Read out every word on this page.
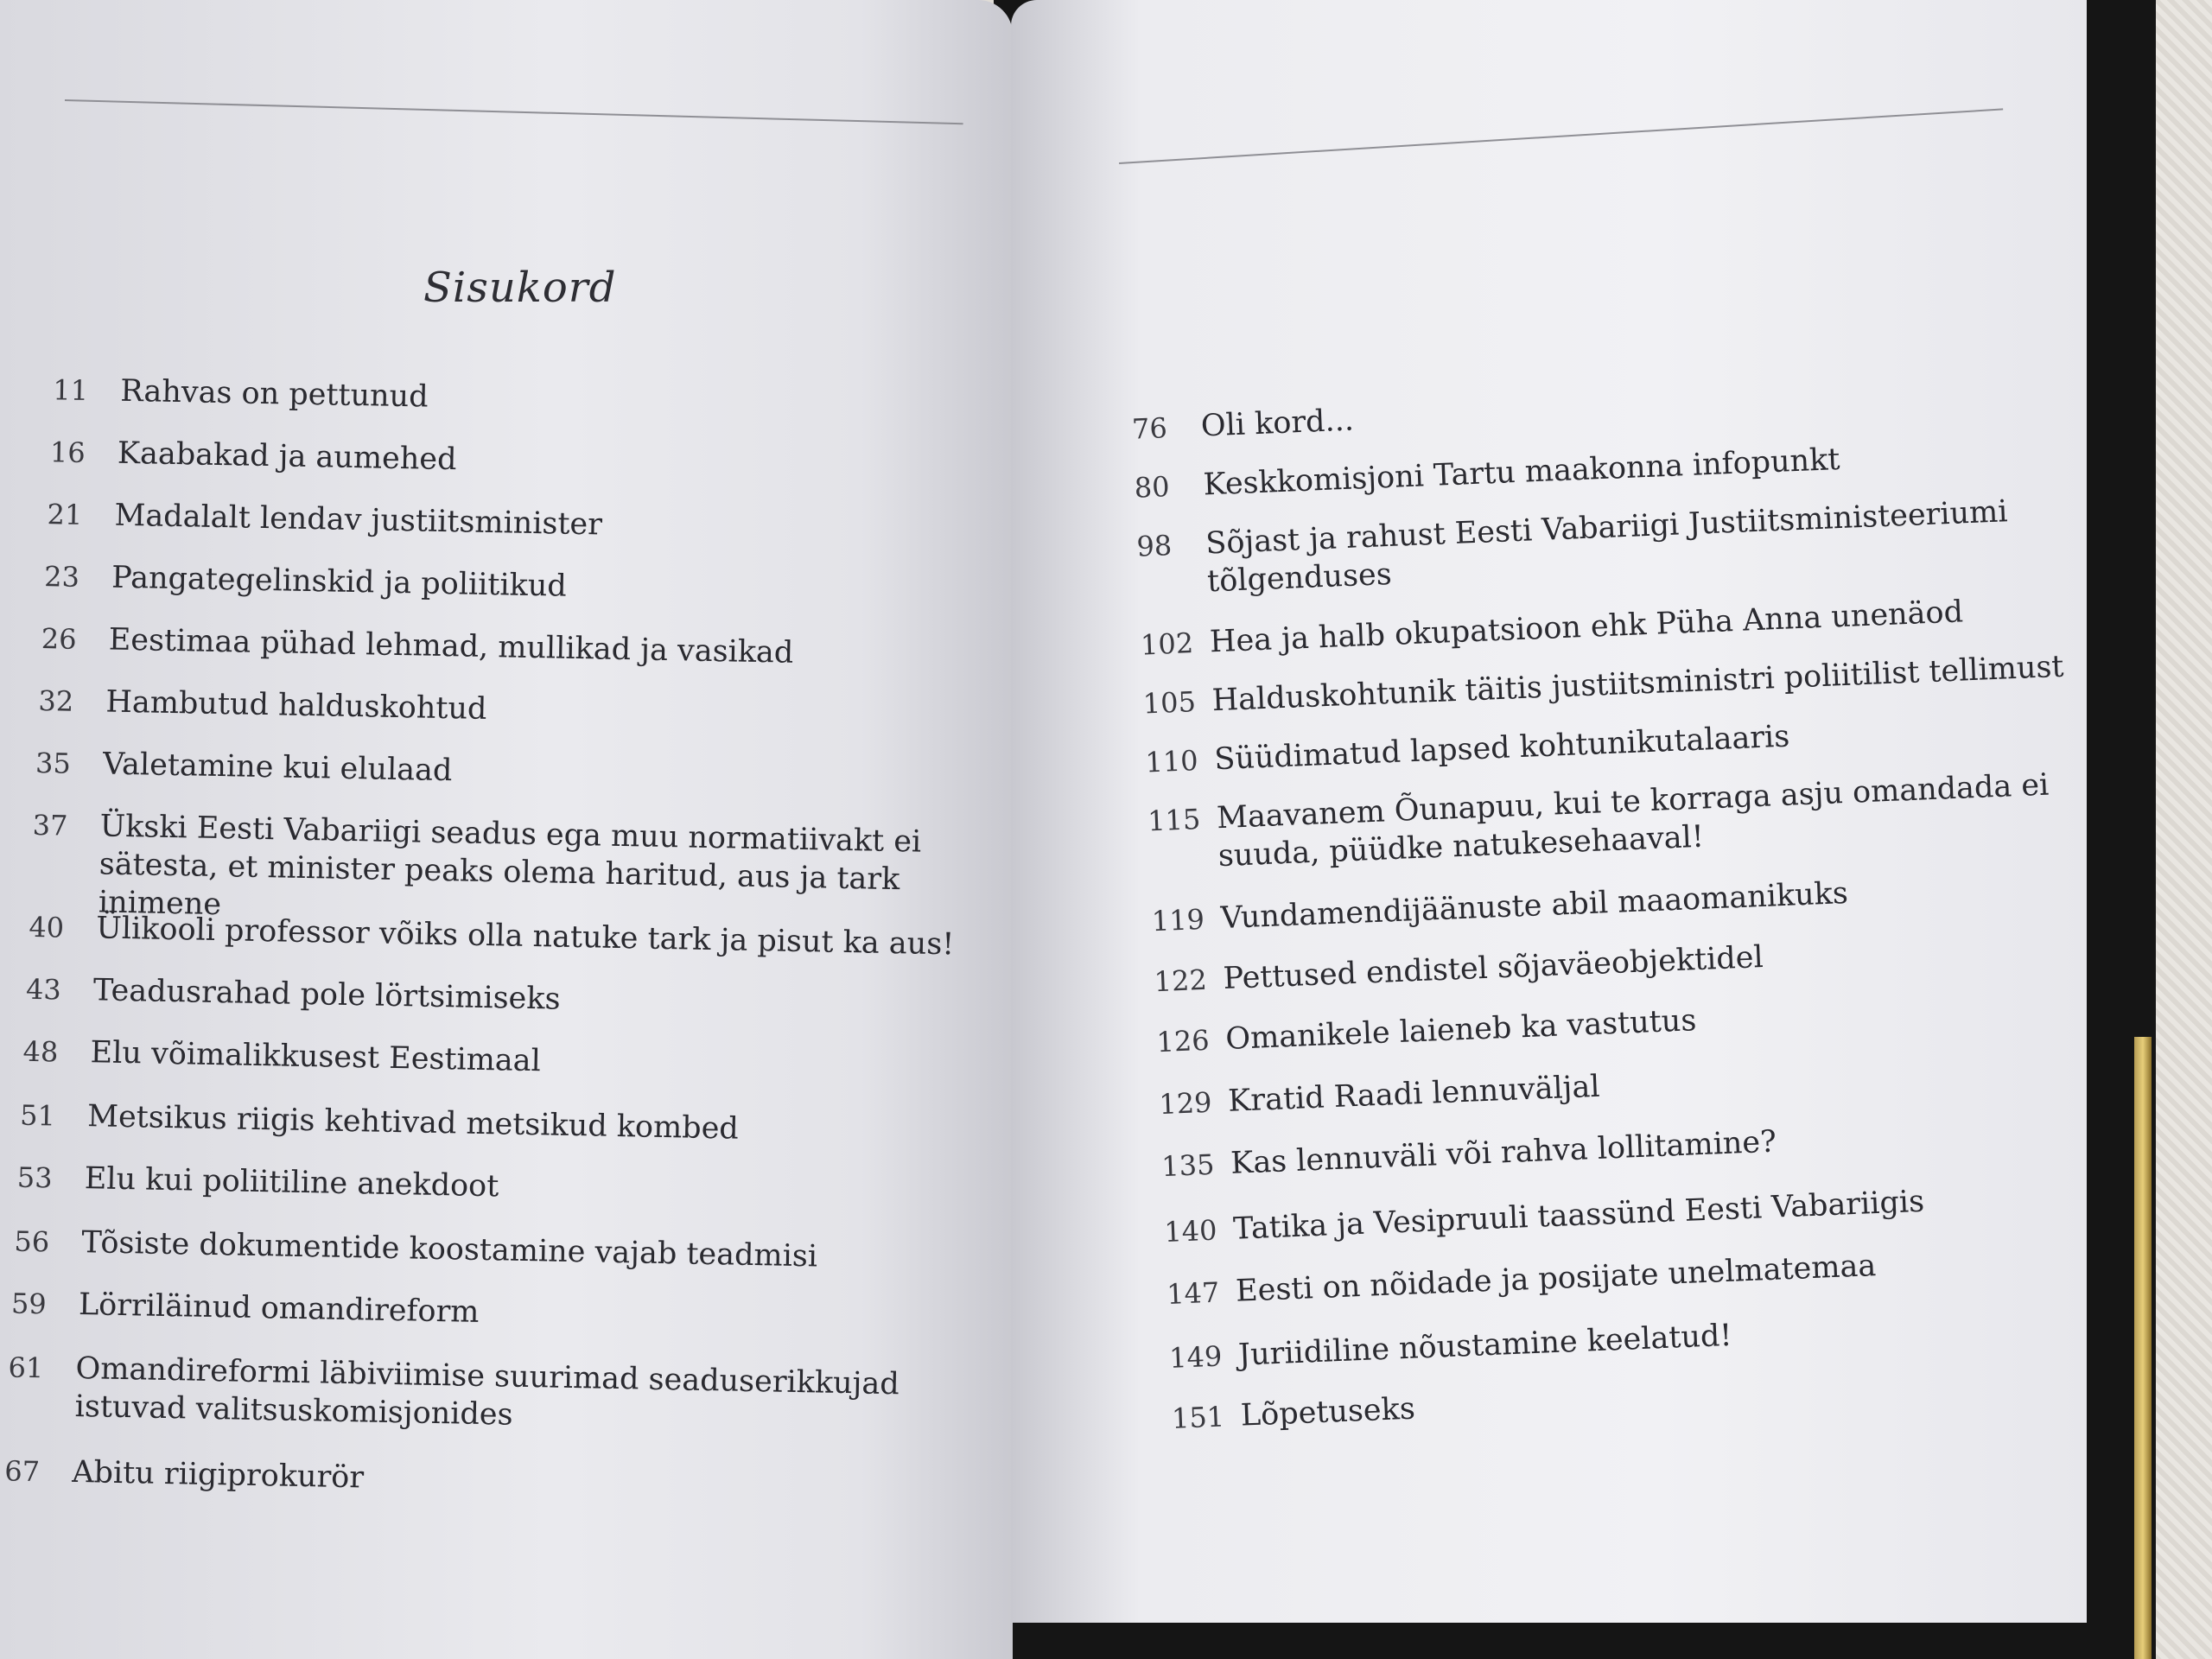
Sisukord
11	Rahvas on pettunud
16	Kaabakad ja aumehed
21	Madalalt lendav justiitsminister
23	Pangategelinskid ja poliitikud
26	Eestimaa pühad lehmad, mullikad ja vasikad
32	Hambutud halduskohtud
35	Valetamine kui elulaad
37	Ükski Eesti Vabariigi seadus ega muu normatiivakt ei
sätesta, et minister peaks olema haritud, aus ja tark inimene
40	Ülikooli professor võiks olla natuke tark ja pisut ka aus!
43	Teadusrahad pole lörtsimiseks
48	Elu võimalikkusest Eestimaal
51	Metsikus riigis kehtivad metsikud kombed
53	Elu kui poliitiline anekdoot
56	Tõsiste dokumentide koostamine vajab teadmisi
59	Lörriläinud omandireform
61	Omandireformi läbiviimise suurimad seaduserikkujad
istuvad valitsuskomisjonides
67	Abitu riigiprokurör
76	Oli kord...
80	Keskkomisjoni Tartu maakonna infopunkt
98	Sõjast ja rahust Eesti Vabariigi Justiitsministeeriumi
tõlgenduses
102 Hea ja halb okupatsioon ehk Püha Anna unenäod
105 Halduskohtunik täitis justiitsministri poliitilist tellimust
110 Süüdimatud lapsed kohtunikutalaaris
115 Maavanem Õunapuu, kui te korraga asju omandada ei
suuda, püüdke natukesehaaval!
119 Vundamendijäänuste abil maaomanikuks
122 Pettused endistel sõjaväeobjektidel
126 Omanikele laieneb ka vastutus
129 Kratid Raadi lennuväljal
135 Kas lennuväli või rahva lollitamine?
140 Tatika ja Vesipruuli taassünd Eesti Vabariigis
147 Eesti on nõidade ja posijate unelmatemaa
149 Juriidiline nõustamine keelatud!
151 Lõpetuseks
